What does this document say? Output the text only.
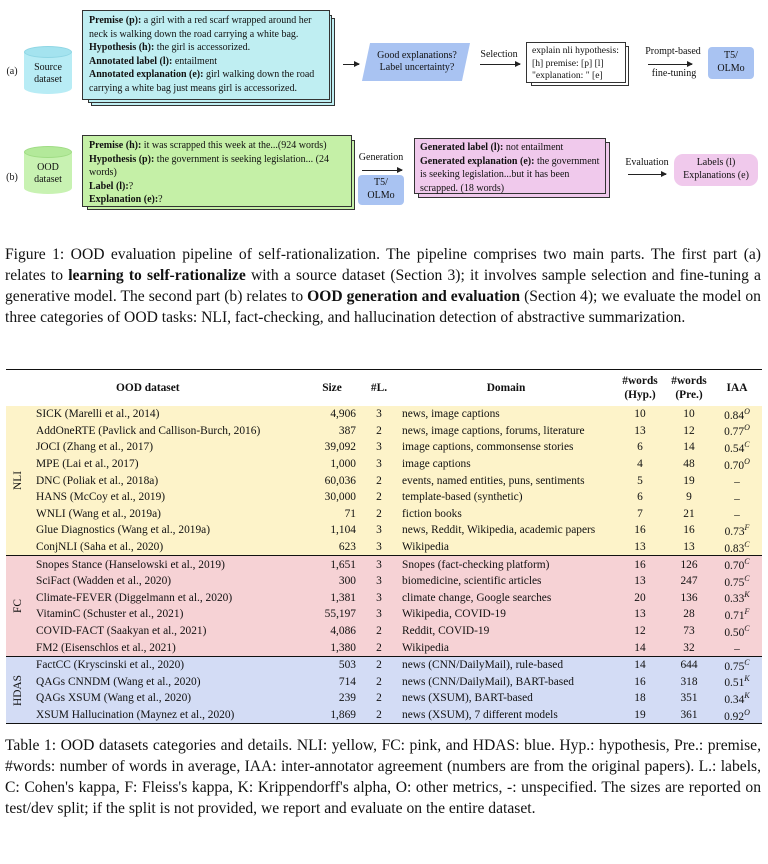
(a)	Source dataset
Premise (p): a girl with a red scarf wrapped around her neck is walking down the road carrying a white bag.
Hypothesis (h): the girl is accessorized.
Annotated label (l): entailment
Annotated explanation (e): girl walking down the road carrying a white bag just means girl is accessorized.
Good explanations? Label uncertainty?
Selection	explain nli hypothesis: [h] premise: [p] [l] "explanation: " [e]
Prompt-based
fine-tuning
T5/ OLMo
(b)
OOD dataset
Premise (h): it was scrapped this week at the...(924 words)
Hypothesis (p): the government is seeking legislation... (24 words)
Label (l):?
Explanation (e):?
Generation
T5/ OLMo
Generated label (l): not entailment
Generated explanation (e): the government is seeking legislation...but it has been scrapped. (18 words)
Evaluation	Labels (l) Explanations (e)
Figure 1: OOD evaluation pipeline of self-rationalization. The pipeline comprises two main parts. The first part (a) relates to learning to self-rationalize with a source dataset (Section 3); it involves sample selection and fine-tuning a generative model. The second part (b) relates to OOD generation and evaluation (Section 4); we evaluate the model on three categories of OOD tasks: NLI, fact-checking, and hallucination detection of abstractive summarization.
	OOD dataset	Size	#L.	Domain	#words (Hyp.)	#words (Pre.)	IAA

NLI	SICK (Marelli et al., 2014)	4,906	3	news, image captions	10	10	$0.84^O$
	AddOneRTE (Pavlick and Callison-Burch, 2016)	387	2	news, image captions, forums, literature	13	12	$0.77^O$
	JOCI (Zhang et al., 2017)	39,092	3	image captions, commonsense stories	6	14	$0.54^C$
	MPE (Lai et al., 2017)	1,000	3	image captions	4	48	$0.70^O$
	DNC (Poliak et al., 2018a)	60,036	2	events, named entities, puns, sentiments	5	19	–
	HANS (McCoy et al., 2019)	30,000	2	template-based (synthetic)	6	9	–
	WNLI (Wang et al., 2019a)	71	2	fiction books	7	21	–
	Glue Diagnostics (Wang et al., 2019a)	1,104	3	news, Reddit, Wikipedia, academic papers	16	16	$0.73^F$
	ConjNLI (Saha et al., 2020)	623	3	Wikipedia	13	13	$0.83^C$

FC	Snopes Stance (Hanselowski et al., 2019)	1,651	3	Snopes (fact-checking platform)	16	126	$0.70^C$
	SciFact (Wadden et al., 2020)	300	3	biomedicine, scientific articles	13	247	$0.75^C$
	Climate-FEVER (Diggelmann et al., 2020)	1,381	3	climate change, Google searches	20	136	$0.33^K$
	VitaminC (Schuster et al., 2021)	55,197	3	Wikipedia, COVID-19	13	28	$0.71^F$
	COVID-FACT (Saakyan et al., 2021)	4,086	2	Reddit, COVID-19	12	73	$0.50^C$
	FM2 (Eisenschlos et al., 2021)	1,380	2	Wikipedia	14	32	–

HDAS	FactCC (Kryscinski et al., 2020)	503	2	news (CNN/DailyMail), rule-based	14	644	$0.75^C$
	QAGs CNNDM (Wang et al., 2020)	714	2	news (CNN/DailyMail), BART-based	16	318	$0.51^K$
	QAGs XSUM (Wang et al., 2020)	239	2	news (XSUM), BART-based	18	351	$0.34^K$
	XSUM Hallucination (Maynez et al., 2020)	1,869	2	news (XSUM), 7 different models	19	361	$0.92^O$
Table 1: OOD datasets categories and details. NLI: yellow, FC: pink, and HDAS: blue. Hyp.: hypothesis, Pre.: premise, #words: number of words in average, IAA: inter-annotator agreement (numbers are from the original papers). L.: labels, C: Cohen's kappa, F: Fleiss's kappa, K: Krippendorff's alpha, O: other metrics, -: unspecified. The sizes are reported on test/dev split; if the split is not provided, we report and evaluate on the entire dataset.
